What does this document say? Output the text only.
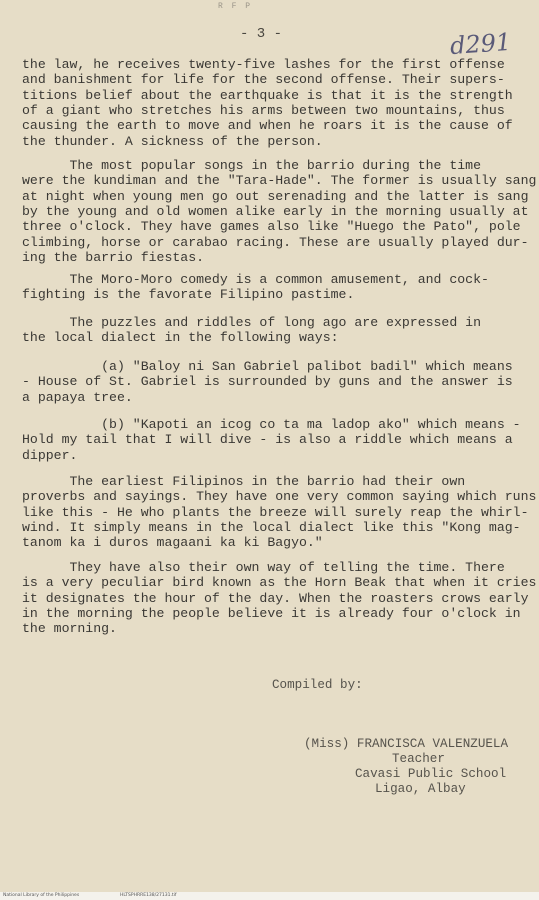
R F P
- 3 -	d291
the law, he receives twenty-five lashes for the first offense
and banishment for life for the second offense. Their supers-
titions belief about the earthquake is that it is the strength
of a giant who stretches his arms between two mountains, thus
causing the earth to move and when he roars it is the cause of
the thunder. A sickness of the person.
The most popular songs in the barrio during the time
were the kundiman and the "Tara-Hade". The former is usually sang
at night when young men go out serenading and the latter is sang
by the young and old women alike early in the morning usually at
three o'clock. They have games also like "Huego the Pato", pole
climbing, horse or carabao racing. These are usually played dur-
ing the barrio fiestas.
The Moro-Moro comedy is a common amusement, and cock-
fighting is the favorate Filipino pastime.
The puzzles and riddles of long ago are expressed in
the local dialect in the following ways:
(a) "Baloy ni San Gabriel palibot badil" which means
- House of St. Gabriel is surrounded by guns and the answer is
a papaya tree.
(b) "Kapoti an icog co ta ma ladop ako" which means -
Hold my tail that I will dive - is also a riddle which means a
dipper.
The earliest Filipinos in the barrio had their own
proverbs and sayings. They have one very common saying which runs
like this - He who plants the breeze will surely reap the whirl-
wind. It simply means in the local dialect like this "Kong mag-
tanom ka i duros magaani ka ki Bagyo."
They have also their own way of telling the time. There
is a very peculiar bird known as the Horn Beak that when it cries
it designates the hour of the day. When the roasters crows early
in the morning the people believe it is already four o'clock in
the morning.
Compiled by:
(Miss) FRANCISCA VALENZUELA
Teacher
Cavasi Public School
Ligao, Albay
National Library of the Philippines	HLTSPHRRE138/27131.tif
